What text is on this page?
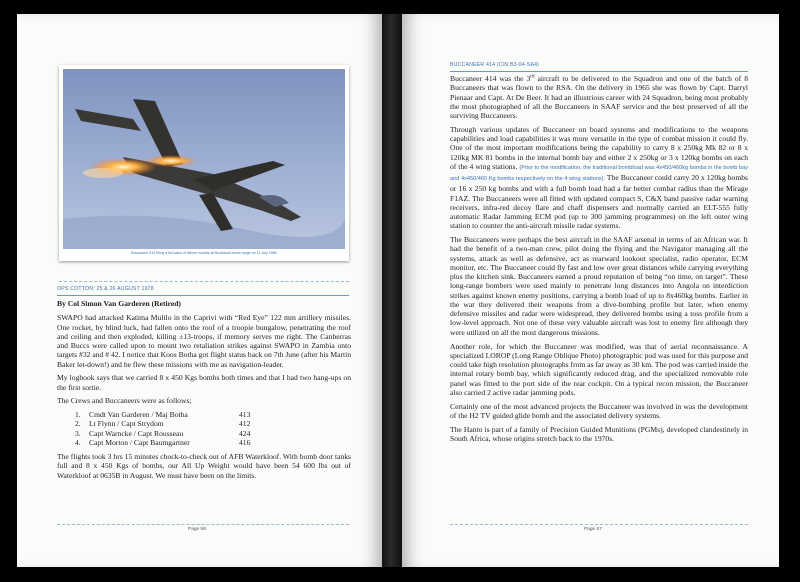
Buccaneer 414 firing a full salvo of 68mm rockets at Roodewal bomb range on 11 July 1980
OPS COTTON: 25 & 26 AUGUST 1978

By Col Simon Van Garderen (Retired)

SWAPO had attacked Katima Mulilo in the Caprivi with “Red Eye” 122 mm artillery missiles. One rocket, by blind luck, had fallen onto the roof of a troopie bungalow, penetrating the roof and ceiling and then exploded, killing ±13-troops, if memory serves me right. The Canberras and Buccs were called upon to mount two retaliation strikes against SWAPO in Zambia onto targets #32 and # 42. I notice that Koos Botha got flight status back on 7th June (after his Martin Baker let-down!) and he flew these missions with me as navigation-leader.

My logbook says that we carried 8 x 450 Kgs bombs both times and that I had two hang-ups on the first sortie.

The Crews and Buccaneers were as follows;

1.	Cmdt Van Garderen / Maj Botha	413
2.	Lt Flynn / Capt Strydom	412
3.	Capt Warncke / Capt Rousseau	424
4.	Capt Morton / Capt Baumgartner	416

The flights took 3 hrs 15 minutes chock-to-check out of AFB Waterkloof. With bomb door tanks full and 8 x 450 Kgs of bombs, our All Up Weight would have been 54 600 lbs out of Waterkloof at 0635B in August. We must have been on the limits.

Page 56
BUCCANEER 414 (C/N B3-04-SA4)

Buccaneer 414 was the 3rd aircraft to be delivered to the Squadron and one of the batch of 8 Buccaneers that was flown to the RSA. On the delivery in 1965 she was flown by Capt. Darryl Pienaar and Capt. At De Beer. It had an illustrious career with 24 Squadron, being most probably the most photographed of all the Buccaneers in SAAF service and the best preserved of all the surviving Buccaneers.

Through various updates of Buccaneer on board systems and modifications to the weapons capabilities and load capabilities it was more versatile in the type of combat mission it could fly. One of the most important modifications being the capability to carry 8 x 250kg Mk 82 or 8 x 120kg MK 81 bombs in the internal bomb bay and either 2 x 250kg or 3 x 120kg bombs on each of the 4 wing stations. (Prior to the modification, the traditional bombload was 4x450/460kg bombs in the bomb bay and 4x450/460 Kg bombs respectively on the 4 wing stations). The Buccaneer could carry 20 x 120kg bombs or 16 x 250 kg bombs and with a full bomb load had a far better combat radius than the Mirage F1AZ. The Buccaneers were all fitted with updated compact S, C&X band passive radar warning receivers, infra-red decoy flare and chaff dispensers and normally carried an ELT-555 fully automatic Radar Jamming ECM pod (up to 300 jamming programmes) on the left outer wing station to counter the anti-aircraft missile radar systems.

The Buccaneers were perhaps the best aircraft in the SAAF arsenal in terms of an African war. It had the benefit of a two-man crew, pilot doing the flying and the Navigator managing all the systems, attack as well as defensive, act as rearward lookout specialist, radio operator, ECM monitor, etc. The Buccaneer could fly fast and low over great distances while carrying everything plus the kitchen sink. Buccaneers earned a proud reputation of being “on time, on target”. These long-range bombers were used mainly to penetrate long distances into Angola on interdiction strikes against known enemy positions, carrying a bomb load of up to 8x460kg bombs. Earlier in the war they delivered their weapons from a dive-bombing profile but later, when enemy defensive missiles and radar were widespread, they delivered bombs using a toss profile from a low-level approach. Not one of these very valuable aircraft was lost to enemy fire although they were utilized on all the most dangerous missions.

Another role, for which the Buccaneer was modified, was that of aerial reconnaissance. A specialized LOROP (Long Range Oblique Photo) photographic pod was used for this purpose and could take high resolution photographs from as far away as 30 km. The pod was carried inside the internal rotary bomb bay, which significantly reduced drag, and the specialized removable role panel was fitted to the port side of the rear cockpit. On a typical recon mission, the Buccaneer also carried 2 active radar jamming pods.

Certainly one of the most advanced projects the Buccaneer was involved in was the development of the H2 TV guided glide bomb and the associated delivery systems.

The Hanto is part of a family of Precision Guided Munitions (PGMs), developed clandestinely in South Africa, whose origins stretch back to the 1970s.

Page 57
